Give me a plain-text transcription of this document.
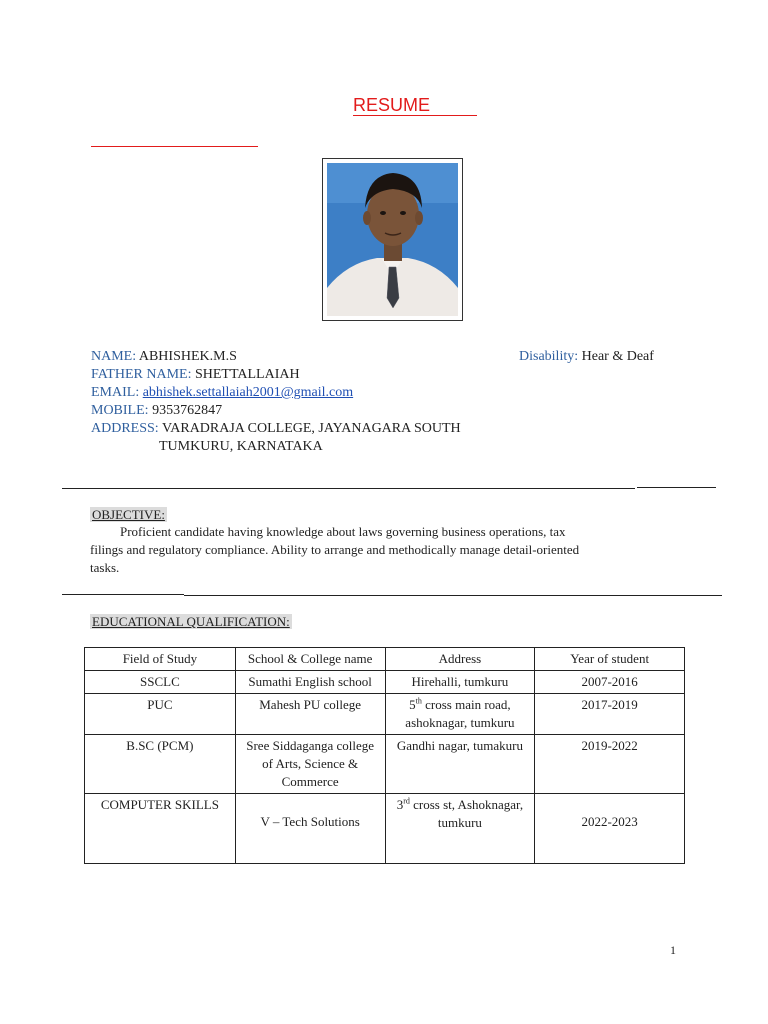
RESUME
NAME: ABHISHEK.M.S	Disability: Hear & Deaf
FATHER NAME: SHETTALLAIAH
EMAIL: abhishek.settallaiah2001@gmail.com
MOBILE: 9353762847
ADDRESS: VARADRAJA COLLEGE, JAYANAGARA SOUTH
TUMKURU, KARNATAKA
OBJECTIVE:
Proficient candidate having knowledge about laws governing business operations, tax
filings and regulatory compliance. Ability to arrange and methodically manage detail-oriented
tasks.
EDUCATIONAL QUALIFICATION:
Field of Study	School & College name	Address	Year of student
SSCLC	Sumathi English school	Hirehalli, tumkuru	2007-2016
PUC	Mahesh PU college	5th cross main road, ashoknagar, tumkuru	2017-2019
B.SC (PCM)	Sree Siddaganga college of Arts, Science & Commerce	Gandhi nagar, tumakuru	2019-2022
COMPUTER SKILLS	V – Tech Solutions	3rd cross st, Ashoknagar, tumkuru	2022-2023
1
